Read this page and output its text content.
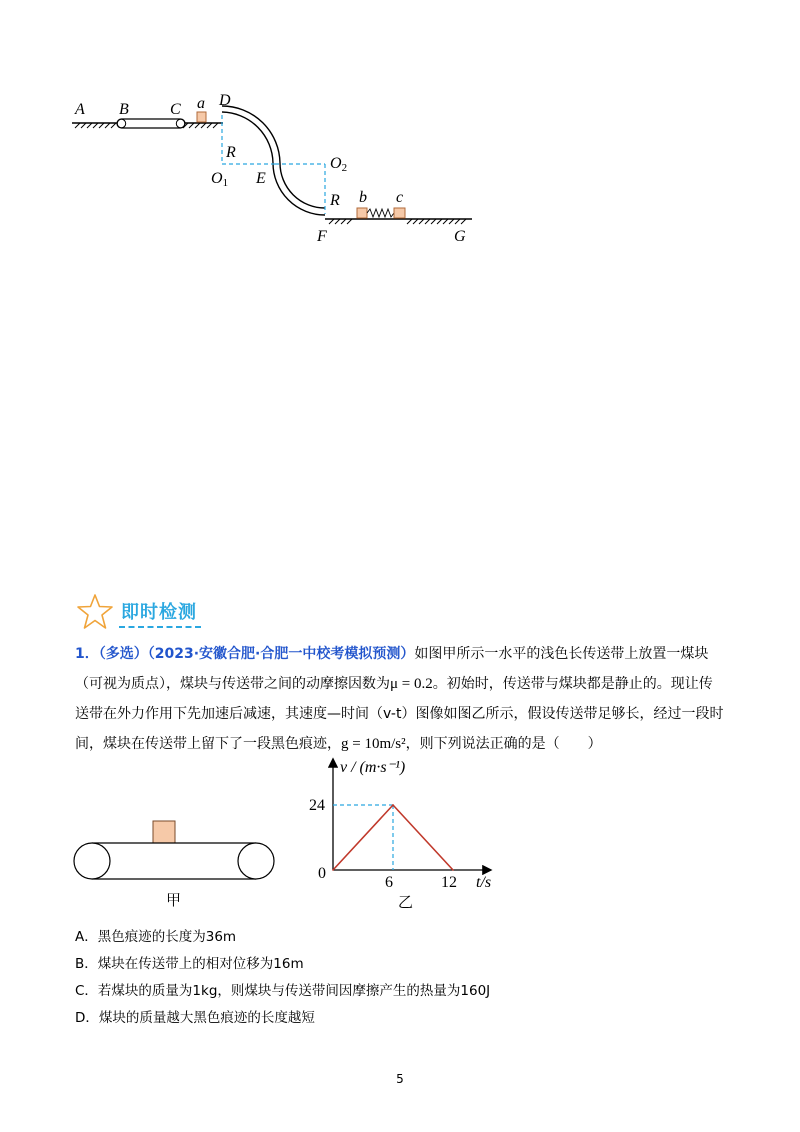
A B	C a D
R
$O_1$ E
$O_2$
R b c
F	G
即时检测
1．（多选）（2023·安徽合肥·合肥一中校考模拟预测）如图甲所示一水平的浅色长传送带上放置一煤块
（可视为质点），煤块与传送带之间的动摩擦因数为μ = 0.2。初始时，传送带与煤块都是静止的。现让传
送带在外力作用下先加速后减速，其速度—时间（v-t）图像如图乙所示，假设传送带足够长，经过一段时
间，煤块在传送带上留下了一段黑色痕迹，g = 10m/s²，则下列说法正确的是（　　）
甲
v / (m·s⁻¹)
24
0
6	12 t/s
乙
A．黑色痕迹的长度为36m
B．煤块在传送带上的相对位移为16m
C．若煤块的质量为1kg，则煤块与传送带间因摩擦产生的热量为160J
D．煤块的质量越大黑色痕迹的长度越短
5
